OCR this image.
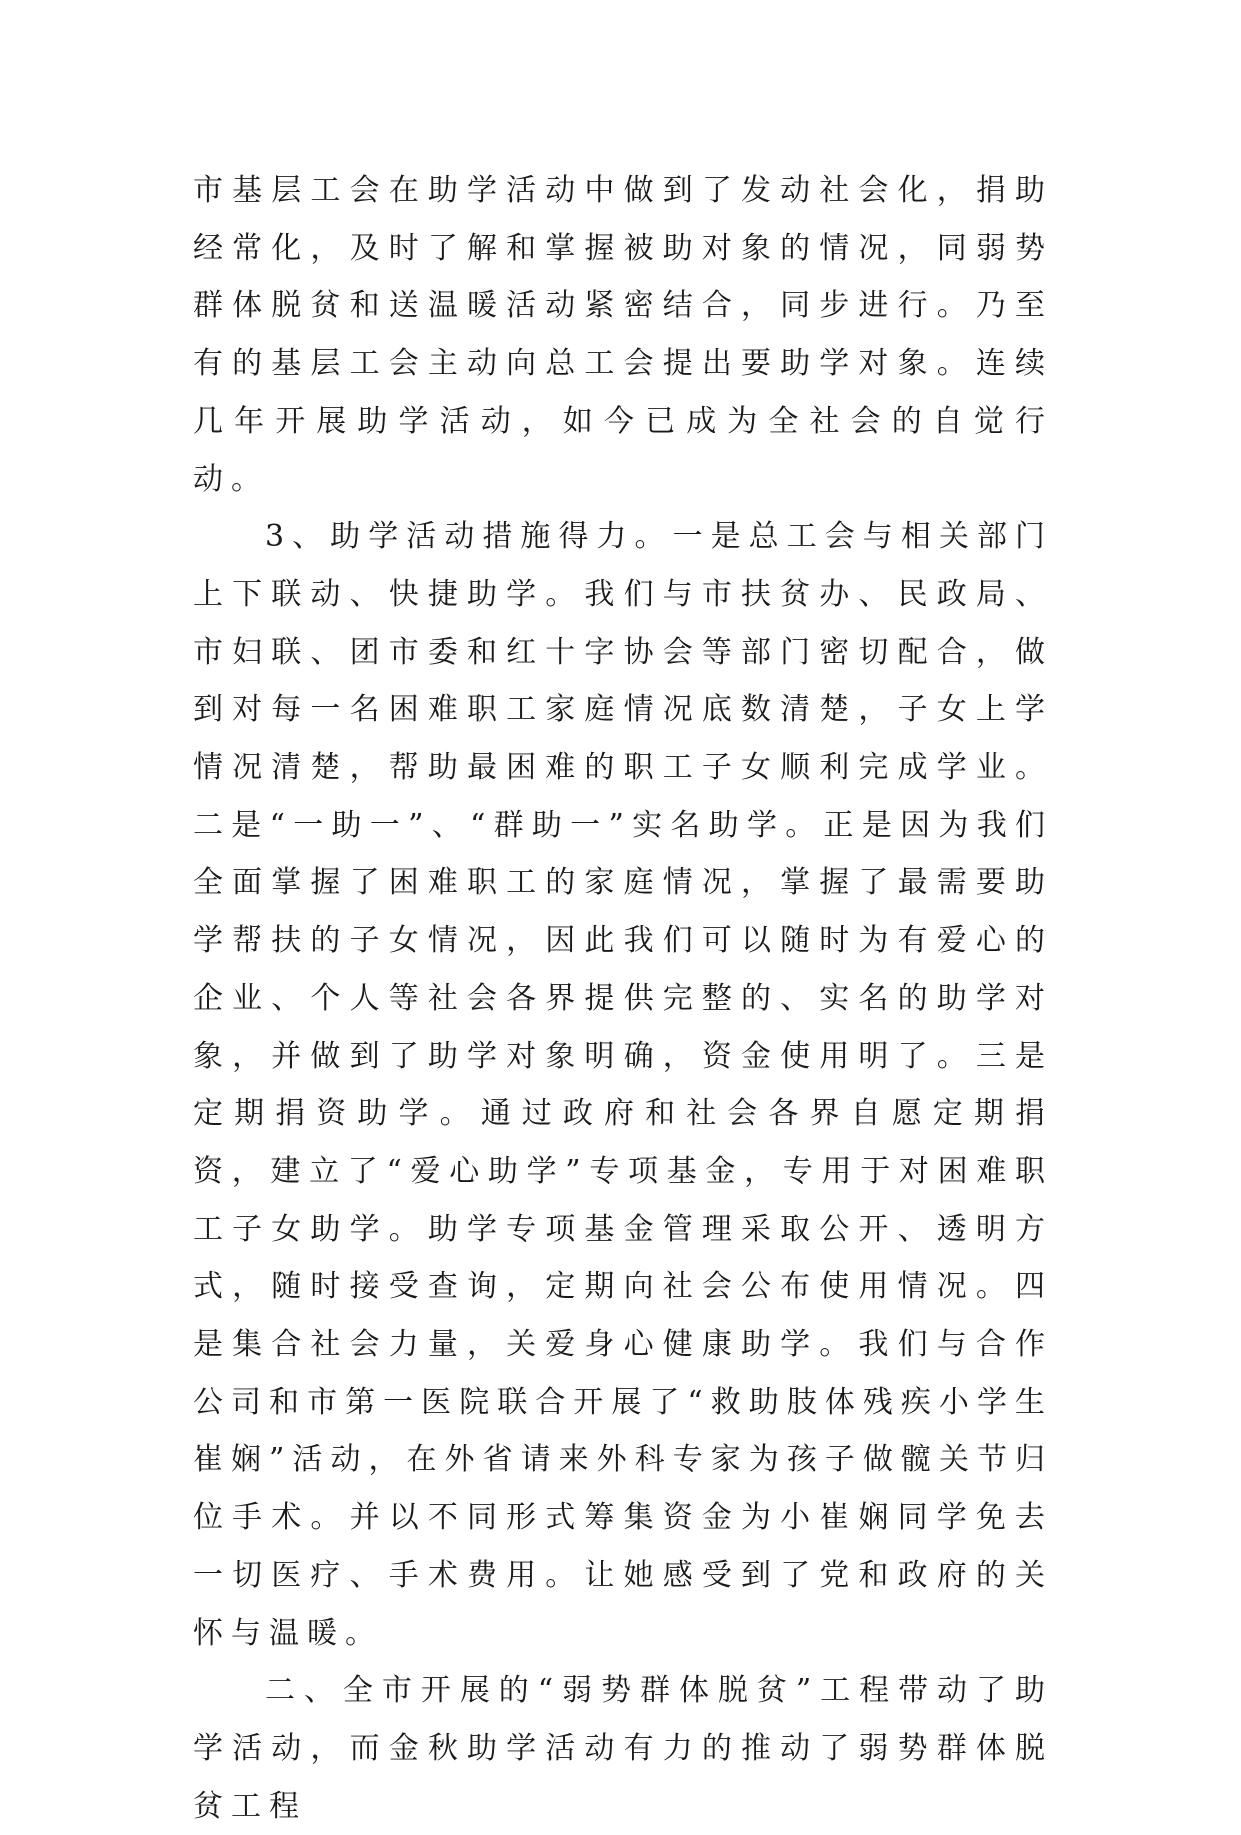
市基层工会在助学活动中做到了发动社会化，捐助经常化，及时了解和掌握被助对象的情况，同弱势群体脱贫和送温暖活动紧密结合，同步进行。乃至有的基层工会主动向总工会提出要助学对象。连续几年开展助学活动，如今已成为全社会的自觉行动。

3、助学活动措施得力。一是总工会与相关部门上下联动、快捷助学。我们与市扶贫办、民政局、市妇联、团市委和红十字协会等部门密切配合，做到对每一名困难职工家庭情况底数清楚，子女上学情况清楚，帮助最困难的职工子女顺利完成学业。二是“一助一”、“群助一”实名助学。正是因为我们全面掌握了困难职工的家庭情况，掌握了最需要助学帮扶的子女情况，因此我们可以随时为有爱心的企业、个人等社会各界提供完整的、实名的助学对象，并做到了助学对象明确，资金使用明了。三是定期捐资助学。通过政府和社会各界自愿定期捐资，建立了“爱心助学”专项基金，专用于对困难职工子女助学。助学专项基金管理采取公开、透明方式，随时接受查询，定期向社会公布使用情况。四是集合社会力量，关爱身心健康助学。我们与合作公司和市第一医院联合开展了“救助肢体残疾小学生崔娴”活动，在外省请来外科专家为孩子做髋关节归位手术。并以不同形式筹集资金为小崔娴同学免去一切医疗、手术费用。让她感受到了党和政府的关怀与温暖。

二、全市开展的“弱势群体脱贫”工程带动了助学活动，而金秋助学活动有力的推动了弱势群体脱贫工程
